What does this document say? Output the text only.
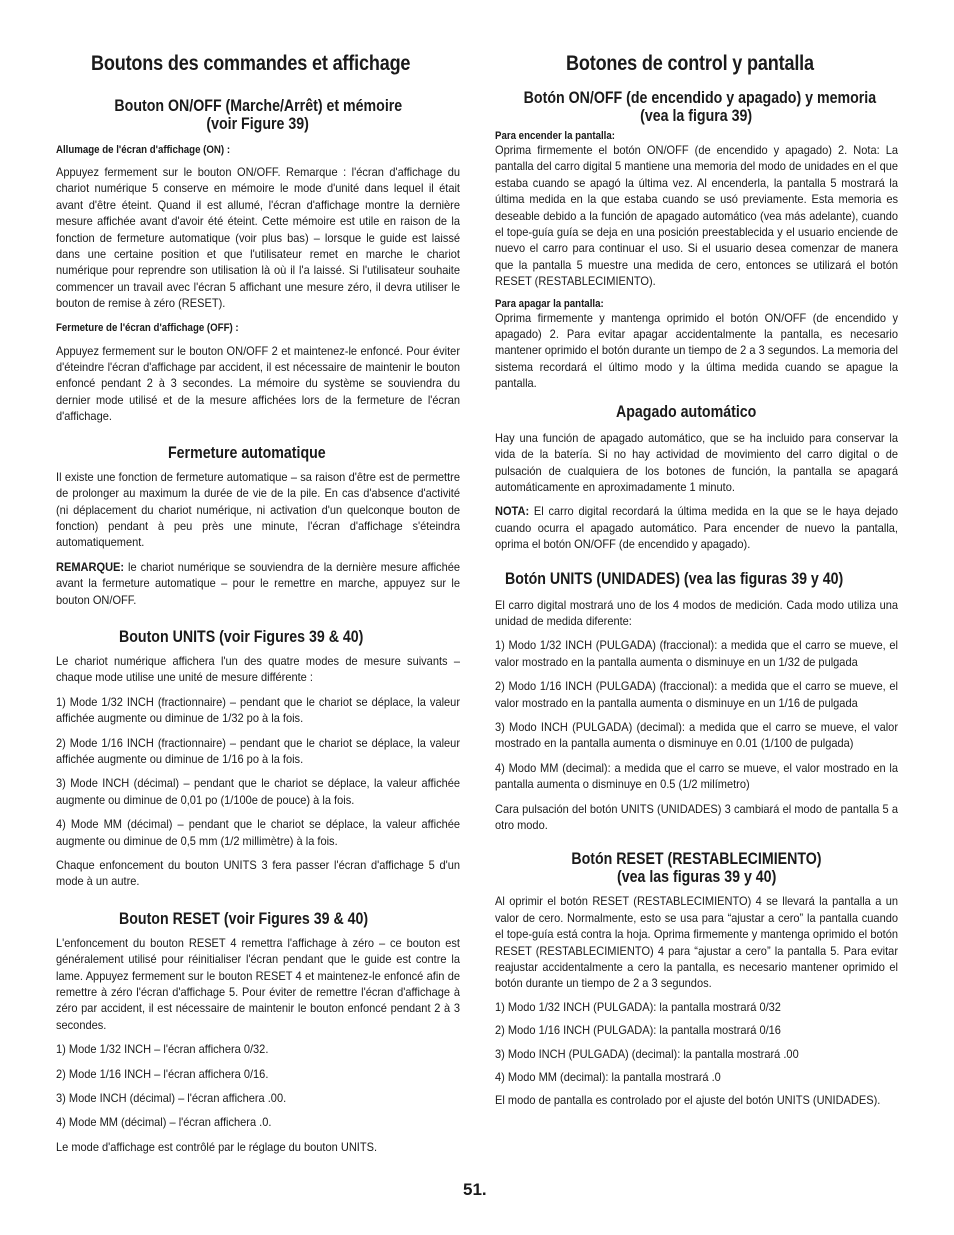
Boutons des commandes et affichage
Bouton ON/OFF (Marche/Arrêt) et mémoire
(voir Figure 39)
Allumage de l'écran d'affichage (ON) :

Appuyez fermement sur le bouton ON/OFF. Remarque : l'écran d'affichage du chariot numérique 5 conserve en mémoire le mode d'unité dans lequel il était avant d'être éteint. Quand il est allumé, l'écran d'affichage montre la dernière mesure affichée avant d'avoir été éteint. Cette mémoire est utile en raison de la fonction de fermeture automatique (voir plus bas) – lorsque le guide est laissé dans une certaine position et que l'utilisateur remet en marche le chariot numérique pour reprendre son utilisation là où il l'a laissé. Si l'utilisateur souhaite commencer un travail avec l'écran 5 affichant une mesure zéro, il devra utiliser le bouton de remise à zéro (RESET).

Fermeture de l'écran d'affichage (OFF) :

Appuyez fermement sur le bouton ON/OFF 2 et maintenez-le enfoncé. Pour éviter d'éteindre l'écran d'affichage par accident, il est nécessaire de maintenir le bouton enfoncé pendant 2 à 3 secondes. La mémoire du système se souviendra du dernier mode utilisé et de la mesure affichées lors de la fermeture de l'écran d'affichage.

Fermeture automatique

Il existe une fonction de fermeture automatique – sa raison d'être est de permettre de prolonger au maximum la durée de vie de la pile. En cas d'absence d'activité (ni déplacement du chariot numérique, ni activation d'un quelconque bouton de fonction) pendant à peu près une minute, l'écran d'affichage s'éteindra automatiquement.

REMARQUE: le chariot numérique se souviendra de la dernière mesure affichée avant la fermeture automatique – pour le remettre en marche, appuyez sur le bouton ON/OFF.

Bouton UNITS (voir Figures 39 & 40)

Le chariot numérique affichera l'un des quatre modes de mesure suivants – chaque mode utilise une unité de mesure différente :

1) Mode 1/32 INCH (fractionnaire) – pendant que le chariot se déplace, la valeur affichée augmente ou diminue de 1/32 po à la fois.

2) Mode 1/16 INCH (fractionnaire) – pendant que le chariot se déplace, la valeur affichée augmente ou diminue de 1/16 po à la fois.

3) Mode INCH (décimal) – pendant que le chariot se déplace, la valeur affichée augmente ou diminue de 0,01 po (1/100e de pouce) à la fois.

4) Mode MM (décimal) – pendant que le chariot se déplace, la valeur affichée augmente ou diminue de 0,5 mm (1/2 millimètre) à la fois.

Chaque enfoncement du bouton UNITS 3 fera passer l'écran d'affichage 5 d'un mode à un autre.

Bouton RESET (voir Figures 39 & 40)

L'enfoncement du bouton RESET 4 remettra l'affichage à zéro – ce bouton est généralement utilisé pour réinitialiser l'écran pendant que le guide est contre la lame. Appuyez fermement sur le bouton RESET 4 et maintenez-le enfoncé afin de remettre à zéro l'écran d'affichage 5. Pour éviter de remettre l'écran d'affichage à zéro par accident, il est nécessaire de maintenir le bouton enfoncé pendant 2 à 3 secondes.

1) Mode 1/32 INCH – l'écran affichera 0/32.

2) Mode 1/16 INCH – l'écran affichera 0/16.

3) Mode INCH (décimal) – l'écran affichera .00.

4) Mode MM (décimal) – l'écran affichera .0.

Le mode d'affichage est contrôlé par le réglage du bouton UNITS.

Botones de control y pantalla
Botón ON/OFF (de encendido y apagado) y memoria
(vea la figura 39)
Para encender la pantalla:

Oprima firmemente el botón ON/OFF (de encendido y apagado) 2. Nota: La pantalla del carro digital 5 mantiene una memoria del modo de unidades en el que estaba cuando se apagó la última vez. Al encenderla, la pantalla 5 mostrará la última medida en la que estaba cuando se usó previamente. Esta memoria es deseable debido a la función de apagado automático (vea más adelante), cuando el tope-guía guía se deja en una posición preestablecida y el usuario enciende de nuevo el carro para continuar el uso. Si el usuario desea comenzar de manera que la pantalla 5 muestre una medida de cero, entonces se utilizará el botón RESET (RESTABLECIMIENTO).

Para apagar la pantalla:

Oprima firmemente y mantenga oprimido el botón ON/OFF (de encendido y apagado) 2. Para evitar apagar accidentalmente la pantalla, es necesario mantener oprimido el botón durante un tiempo de 2 a 3 segundos. La memoria del sistema recordará el último modo y la última medida cuando se apague la pantalla.

Apagado automático

Hay una función de apagado automático, que se ha incluido para conservar la vida de la batería. Si no hay actividad de movimiento del carro digital o de pulsación de cualquiera de los botones de función, la pantalla se apagará automáticamente en aproximadamente 1 minuto.

NOTA: El carro digital recordará la última medida en la que se le haya dejado cuando ocurra el apagado automático. Para encender de nuevo la pantalla, oprima el botón ON/OFF (de encendido y apagado).

Botón UNITS (UNIDADES) (vea las figuras 39 y 40)

El carro digital mostrará uno de los 4 modos de medición. Cada modo utiliza una unidad de medida diferente:

1) Modo 1/32 INCH (PULGADA) (fraccional): a medida que el carro se mueve, el valor mostrado en la pantalla aumenta o disminuye en un 1/32 de pulgada

2) Modo 1/16 INCH (PULGADA) (fraccional): a medida que el carro se mueve, el valor mostrado en la pantalla aumenta o disminuye en un 1/16 de pulgada

3) Modo INCH (PULGADA) (decimal): a medida que el carro se mueve, el valor mostrado en la pantalla aumenta o disminuye en 0.01 (1/100 de pulgada)

4) Modo MM (decimal): a medida que el carro se mueve, el valor mostrado en la pantalla aumenta o disminuye en 0.5 (1/2 milímetro)

Cara pulsación del botón UNITS (UNIDADES) 3 cambiará el modo de pantalla 5 a otro modo.

Botón RESET (RESTABLECIMIENTO)
(vea las figuras 39 y 40)

Al oprimir el botón RESET (RESTABLECIMIENTO) 4 se llevará la pantalla a un valor de cero. Normalmente, esto se usa para “ajustar a cero” la pantalla cuando el tope-guía está contra la hoja. Oprima firmemente y mantenga oprimido el botón RESET (RESTABLECIMIENTO) 4 para “ajustar a cero” la pantalla 5. Para evitar reajustar accidentalmente a cero la pantalla, es necesario mantener oprimido el botón durante un tiempo de 2 a 3 segundos.

1) Modo 1/32 INCH (PULGADA): la pantalla mostrará 0/32

2) Modo 1/16 INCH (PULGADA): la pantalla mostrará 0/16

3) Modo INCH (PULGADA) (decimal): la pantalla mostrará .00

4) Modo MM (decimal): la pantalla mostrará .0

El modo de pantalla es controlado por el ajuste del botón UNITS (UNIDADES).

51.
